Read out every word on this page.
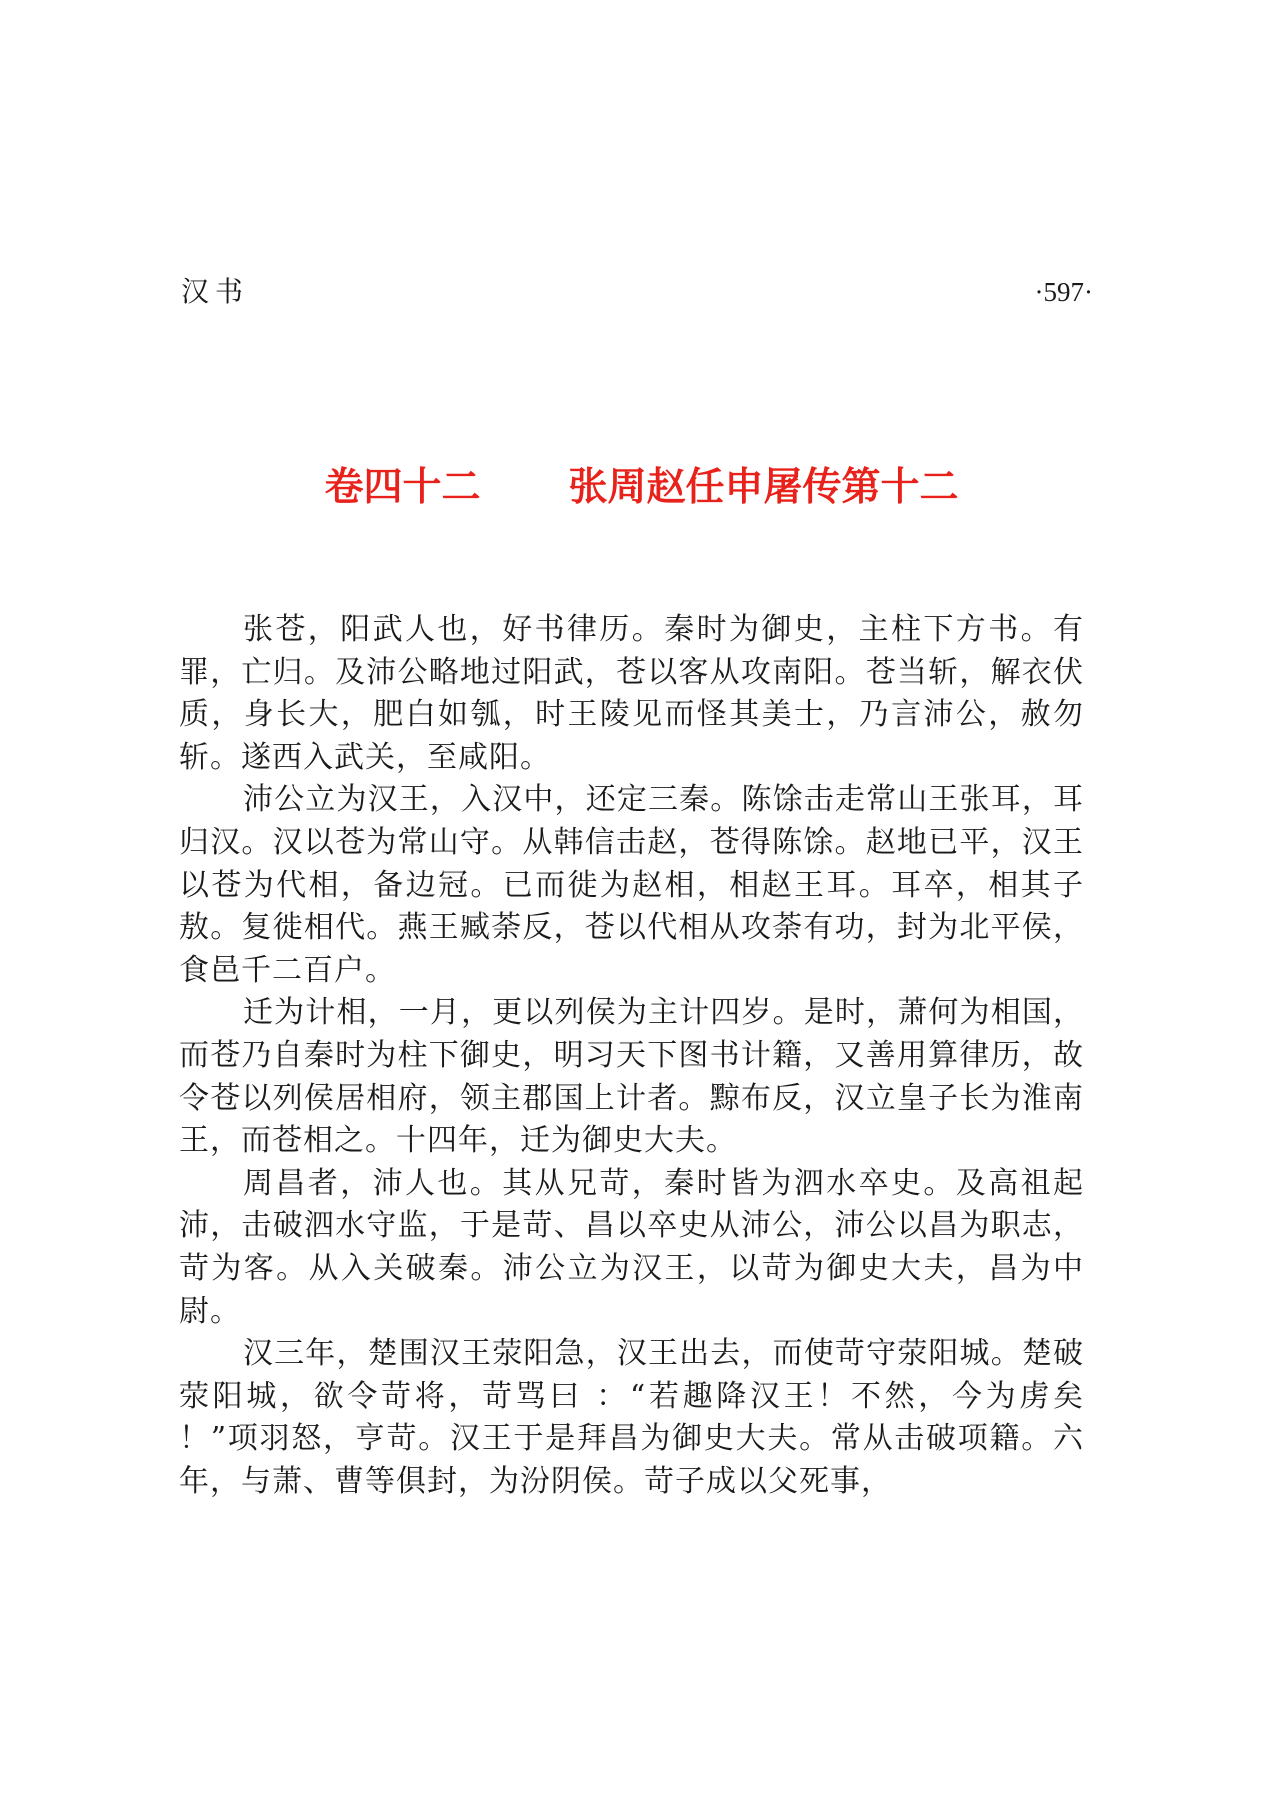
汉书	·597·
卷四十二 张周赵任申屠传第十二

张苍，阳武人也，好书律历。秦时为御史，主柱下方书。有罪，亡归。及沛公略地过阳武，苍以客从攻南阳。苍当斩，解衣伏质，身长大，肥白如瓠，时王陵见而怪其美士，乃言沛公，赦勿斩。遂西入武关，至咸阳。

沛公立为汉王，入汉中，还定三秦。陈馀击走常山王张耳，耳归汉。汉以苍为常山守。从韩信击赵，苍得陈馀。赵地已平，汉王以苍为代相，备边冠。已而徙为赵相，相赵王耳。耳卒，相其子敖。复徙相代。燕王臧荼反，苍以代相从攻荼有功，封为北平侯，食邑千二百户。

迁为计相，一月，更以列侯为主计四岁。是时，萧何为相国，而苍乃自秦时为柱下御史，明习天下图书计籍，又善用算律历，故令苍以列侯居相府，领主郡国上计者。黥布反，汉立皇子长为淮南王，而苍相之。十四年，迁为御史大夫。

周昌者，沛人也。其从兄苛，秦时皆为泗水卒史。及高祖起沛，击破泗水守监，于是苛、昌以卒史从沛公，沛公以昌为职志，苛为客。从入关破秦。沛公立为汉王，以苛为御史大夫，昌为中尉。

汉三年，楚围汉王荥阳急，汉王出去，而使苛守荥阳城。楚破荥阳城，欲令苛将，苛骂曰 ：“若趣降汉王！不然，今为虏矣 ！”项羽怒，亨苛。汉王于是拜昌为御史大夫。常从击破项籍。六年，与萧、曹等俱封，为汾阴侯。苛子成以父死事，
